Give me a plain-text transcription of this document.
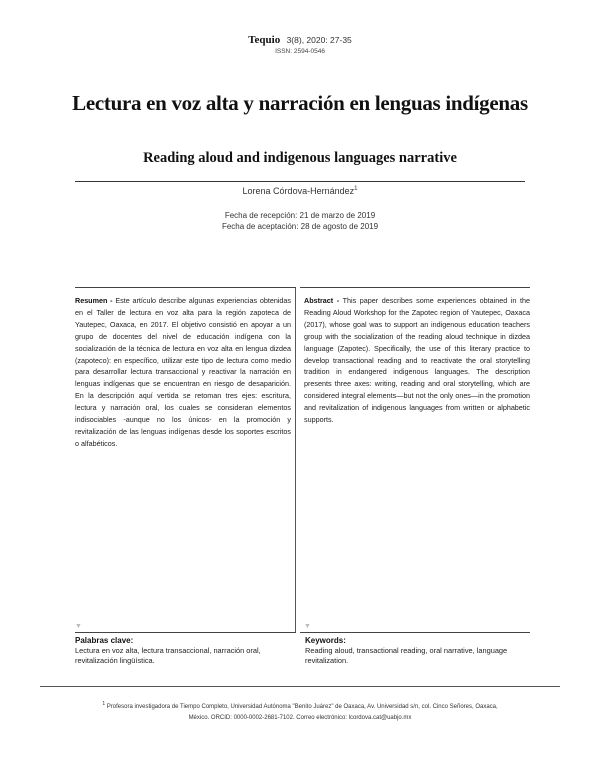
Tequio 3(8), 2020: 27-35
ISSN: 2594-0546
Lectura en voz alta y narración en lenguas indígenas
Reading aloud and indigenous languages narrative
Lorena Córdova-Hernández$^1$
Fecha de recepción: 21 de marzo de 2019
Fecha de aceptación: 28 de agosto de 2019
Resumen - Este artículo describe algunas experiencias obtenidas en el Taller de lectura en voz alta para la región zapoteca de Yautepec, Oaxaca, en 2017. El objetivo consistió en apoyar a un grupo de docentes del nivel de educación indígena con la socialización de la técnica de lectura en voz alta en lengua dizdea (zapoteco): en específico, utilizar este tipo de lectura como medio para desarrollar lectura transaccional y reactivar la narración en lenguas indígenas que se encuentran en riesgo de desaparición. En la descripción aquí vertida se retoman tres ejes: escritura, lectura y narración oral, los cuales se consideran elementos indisociables -aunque no los únicos- en la promoción y revitalización de las lenguas indígenas desde los soportes escritos o alfabéticos.
▼
Abstract - This paper describes some experiences obtained in the Reading Aloud Workshop for the Zapotec region of Yautepec, Oaxaca (2017), whose goal was to support an indigenous education teachers group with the socialization of the reading aloud technique in dizdea language (Zapotec). Specifically, the use of this literary practice to develop transactional reading and to reactivate the oral storytelling tradition in endangered indigenous languages. The description presents three axes: writing, reading and oral storytelling, which are considered integral elements—but not the only ones—in the promotion and revitalization of indigenous languages from written or alphabetic supports.
▼
Palabras clave:
Lectura en voz alta, lectura transaccional, narración oral, revitalización lingüística.
Keywords:
Reading aloud, transactional reading, oral narrative, language revitalization.
$^1$ Profesora investigadora de Tiempo Completo, Universidad Autónoma "Benito Juárez" de Oaxaca, Av. Universidad s/n, col. Cinco Señores, Oaxaca,
México. ORCID: 0000-0002-2681-7102. Correo electrónico: lcordova.cat@uabjo.mx
